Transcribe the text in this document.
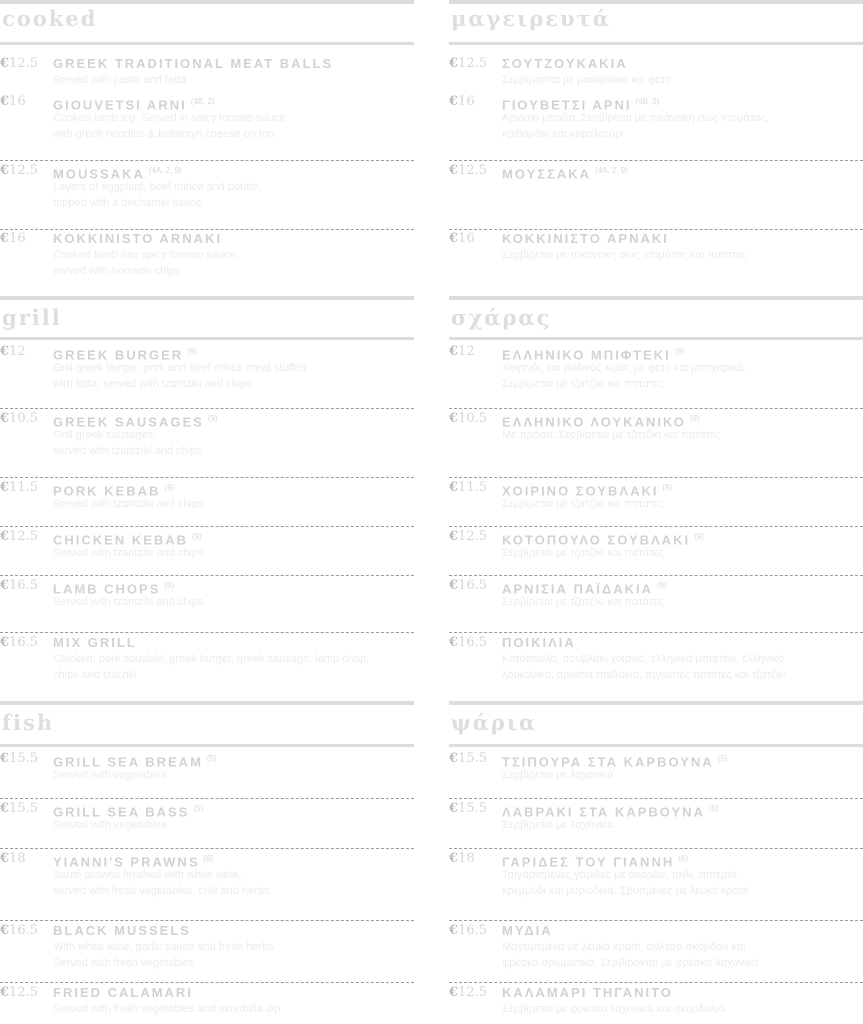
cooked
€12.5 GREEK TRADITIONAL MEAT BALLS
Served with pasta and fetta
€16 GIOUVETSI ARNI $^{(4B, 2)}$
Cooked lamb leg. Served in spicy tomato sauce
with greek noodles & kefalotyri cheese on top
€12.5 MOUSSAKA $^{(4A, 2, 9)}$
Layers of eggplant, beef mince and potato,
topped with a bechamel sauce
€16 KOKKINISTO ARNAKI
Cooked lamb into spicy tomato sauce,
served with homade chips
grill
€12 GREEK BURGER $^{(9)}$
Grill greek burger, pork and beef mince meat stuffed
with fetta, served with tzantziki and chips
€10.5 GREEK SAUSAGES $^{(9)}$
Grill greek sausages,
served with tzantziki and chips
€11.5 PORK KEBAB $^{(9)}$
Served with tzantziki and chips
€12.5 CHICKEN KEBAB $^{(9)}$
Served with tzantziki and chips
€16.5 LAMB CHOPS $^{(9)}$
Served with tzantziki and chips
€16.5 MIX GRILL
Chicken, pork souvlaki, greek burger, greek sausage, lamp chop,
chips and tzatziki
fish
€15.5 GRILL SEA BREAM $^{(5)}$
Served with vegetables
€15.5 GRILL SEA BASS $^{(5)}$
Served with vegetables
€18 YIANNI'S PRAWNS $^{(6)}$
Sauté prawns finished with white wine,
served with fresh vegetables, chili and herbs
€16.5 BLACK MUSSELS
With white wine, garlic sauce and fresh herbs.
Served with fresh vegetables
€12.5 FRIED CALAMARI
Served with fresh vegetables and skordalia dip
μαγειρευτά
€12.5 ΣΟΥΤΖΟΥΚΑΚΙΑ
Σερβίρονται με μακαρόνια και φέτα
€16 ΓΙΟΥΒΕΤΣΙ ΑΡΝΙ $^{(4B, 2)}$
Αρνίσιο μπούτι. Σερβίρεται με πικάντικη σως ντομάτας,
κριθαράκι και κεφαλοτύρι
€12.5 ΜΟΥΣΣΑΚΑ $^{(4A, 2, 9)}$
€16 ΚΟΚΚΙΝΙΣΤΟ ΑΡΝΑΚΙ
Σερβίρεται με πικάντικη σως ντομάτας και πατάτες
σχάρας
€12 ΕΛΛΗΝΙΚΟ ΜΠΙΦΤΕΚΙ $^{(9)}$
Χοιρινός και βοδινός κιμάς με φέτα και μπαχαρικά.
Σερβίρεται με τζατζίκι και πατάτες
€10.5 ΕΛΛΗΝΙΚΟ ΛΟΥΚΑΝΙΚΟ $^{(9)}$
Με πράσο. Σερβίρεται με τζατζίκι και πατάτες
€11.5 ΧΟΙΡΙΝΟ ΣΟΥΒΛΑΚΙ $^{(9)}$
Σερβίρεται με τζατζίκι και πατάτες
€12.5 ΚΟΤΟΠΟΥΛΟ ΣΟΥΒΛΑΚΙ $^{(9)}$
Σερβίρεται με τζατζίκι και πατάτες
€16.5 ΑΡΝΙΣΙΑ ΠΑΪΔΑΚΙΑ $^{(9)}$
Σερβίρεται με τζατζίκι και πατάτες
€16.5 ΠΟΙΚΙΛΙΑ
Κοτόπουλο, σουβλάκι χοιρινό, ελληνικό μπιφτέκι, ελληνικό
λουκάνικο, αρνίσια παϊδάκια, τηγανιτές πατάτες και τζατζίκι
ψάρια
€15.5 ΤΣΙΠΟΥΡΑ ΣΤΑ ΚΑΡΒΟΥΝΑ $^{(5)}$
Σερβίρεται με λαχανικά
€15.5 ΛΑΒΡΑΚΙ ΣΤΑ ΚΑΡΒΟΥΝΑ $^{(5)}$
Σερβίρεται με λαχανικά
€18 ΓΑΡΙΔΕΣ ΤΟΥ ΓΙΑΝΝΗ $^{(6)}$
Τσιγαρισμένες γαρίδες με σκόρδο, τσίλι, πιπεριά,
κρεμμύδι και μυρωδικά. Σβυσμένες με λευκό κρασί
€16.5 ΜΥΔΙΑ
Μαγειρεμένα με λευκό κρασί, σάλτσα σκόρδου και
φρέσκα αρωματικά. Σερβίρονται με φρέσκα λαχανικά
€12.5 ΚΑΛΑΜΑΡΙ ΤΗΓΑΝΙΤΟ
Σερβίρεται με φρέσκα λαχανικά και σκορδαλιά
